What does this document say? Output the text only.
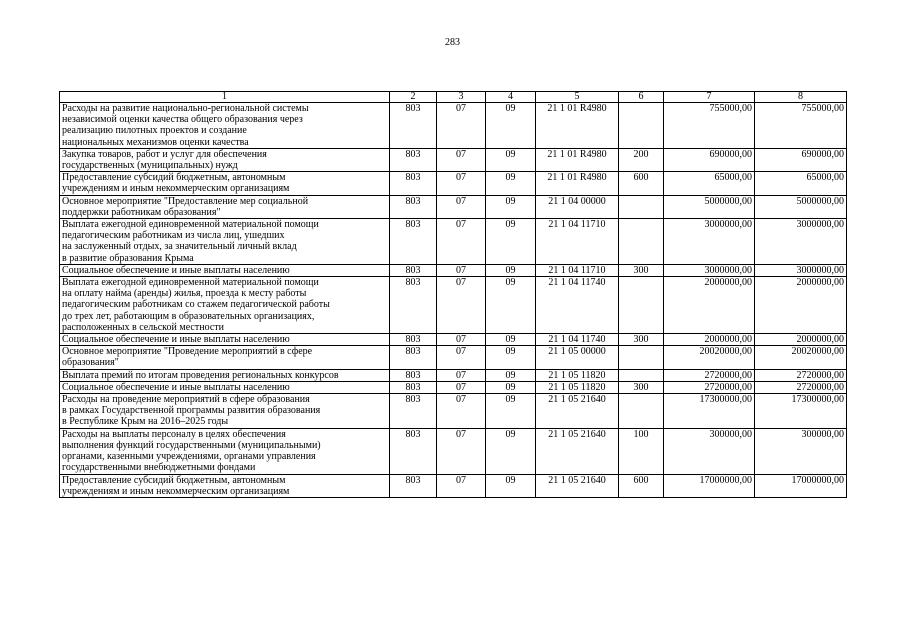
283
1	2	3	4	5	6	7	8

Расходы на развитие национально-региональной системы
независимой оценки качества общего образования через
реализацию пилотных проектов и создание
национальных механизмов оценки качества	803	07	09	21 1 01 R4980		755000,00	755000,00

Закупка товаров, работ и услуг для обеспечения
государственных (муниципальных) нужд	803	07	09	21 1 01 R4980	200	690000,00	690000,00

Предоставление субсидий бюджетным, автономным
учреждениям и иным некоммерческим организациям	803	07	09	21 1 01 R4980	600	65000,00	65000,00

Основное мероприятие "Предоставление мер социальной
поддержки работникам образования"	803	07	09	21 1 04 00000		5000000,00	5000000,00

Выплата ежегодной единовременной материальной помощи
педагогическим работникам из числа лиц, ушедших
на заслуженный отдых, за значительный личный вклад
в развитие образования Крыма	803	07	09	21 1 04 11710		3000000,00	3000000,00

Социальное обеспечение и иные выплаты населению	803	07	09	21 1 04 11710	300	3000000,00	3000000,00

Выплата ежегодной единовременной материальной помощи
на оплату найма (аренды) жилья, проезда к месту работы
педагогическим работникам со стажем педагогической работы
до трех лет, работающим в образовательных организациях,
расположенных в сельской местности	803	07	09	21 1 04 11740		2000000,00	2000000,00

Социальное обеспечение и иные выплаты населению	803	07	09	21 1 04 11740	300	2000000,00	2000000,00

Основное мероприятие "Проведение мероприятий в сфере
образования"	803	07	09	21 1 05 00000		20020000,00	20020000,00

Выплата премий по итогам проведения региональных конкурсов	803	07	09	21 1 05 11820		2720000,00	2720000,00

Социальное обеспечение и иные выплаты населению	803	07	09	21 1 05 11820	300	2720000,00	2720000,00

Расходы на проведение мероприятий в сфере образования
в рамках Государственной программы развития образования
в Республике Крым на 2016–2025 годы	803	07	09	21 1 05 21640		17300000,00	17300000,00

Расходы на выплаты персоналу в целях обеспечения
выполнения функций государственными (муниципальными)
органами, казенными учреждениями, органами управления
государственными внебюджетными фондами	803	07	09	21 1 05 21640	100	300000,00	300000,00

Предоставление субсидий бюджетным, автономным
учреждениям и иным некоммерческим организациям	803	07	09	21 1 05 21640	600	17000000,00	17000000,00
